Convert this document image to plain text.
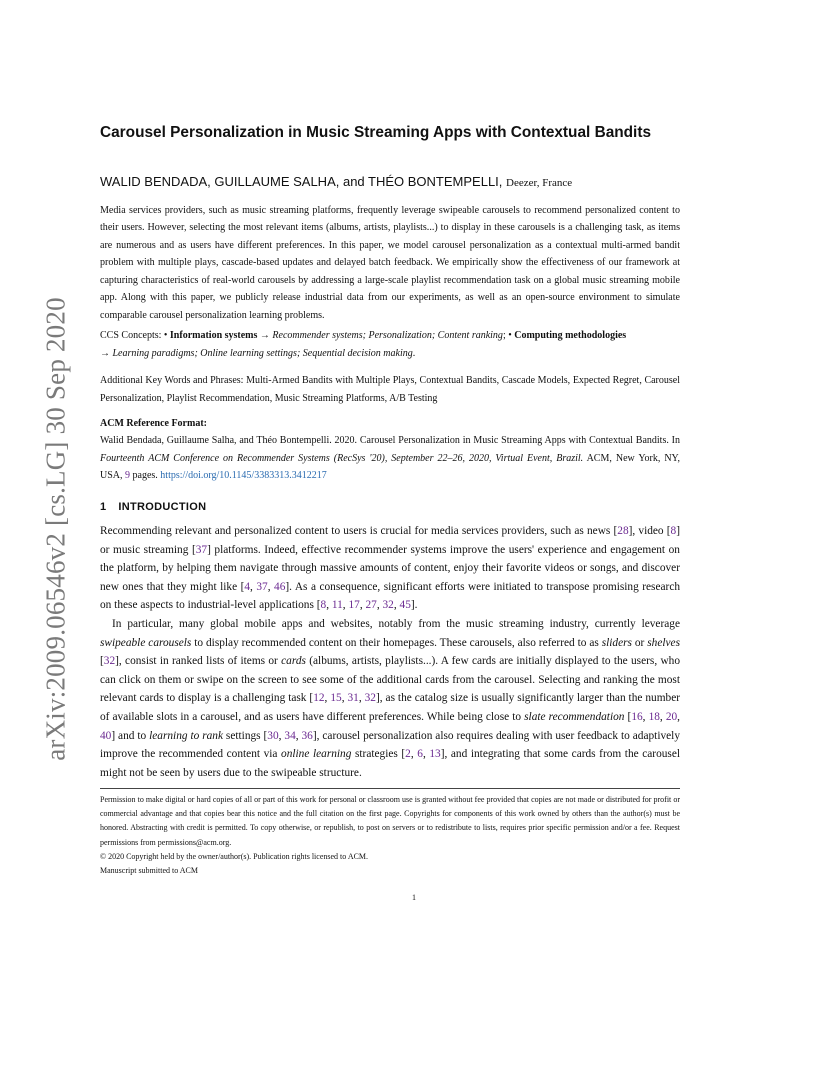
arXiv:2009.06546v2 [cs.LG] 30 Sep 2020
Carousel Personalization in Music Streaming Apps with Contextual Bandits
WALID BENDADA, GUILLAUME SALHA, and THÉO BONTEMPELLI, Deezer, France
Media services providers, such as music streaming platforms, frequently leverage swipeable carousels to recommend personalized content to their users. However, selecting the most relevant items (albums, artists, playlists...) to display in these carousels is a challenging task, as items are numerous and as users have different preferences. In this paper, we model carousel personalization as a contextual multi-armed bandit problem with multiple plays, cascade-based updates and delayed batch feedback. We empirically show the effectiveness of our framework at capturing characteristics of real-world carousels by addressing a large-scale playlist recommendation task on a global music streaming mobile app. Along with this paper, we publicly release industrial data from our experiments, as well as an open-source environment to simulate comparable carousel personalization learning problems.
CCS Concepts: • Information systems → Recommender systems; Personalization; Content ranking; • Computing methodologies
→ Learning paradigms; Online learning settings; Sequential decision making.
Additional Key Words and Phrases: Multi-Armed Bandits with Multiple Plays, Contextual Bandits, Cascade Models, Expected Regret, Carousel Personalization, Playlist Recommendation, Music Streaming Platforms, A/B Testing
ACM Reference Format:
Walid Bendada, Guillaume Salha, and Théo Bontempelli. 2020. Carousel Personalization in Music Streaming Apps with Contextual Bandits. In Fourteenth ACM Conference on Recommender Systems (RecSys '20), September 22–26, 2020, Virtual Event, Brazil. ACM, New York, NY, USA, 9 pages. https://doi.org/10.1145/3383313.3412217
1 INTRODUCTION

Recommending relevant and personalized content to users is crucial for media services providers, such as news [28], video [8] or music streaming [37] platforms. Indeed, effective recommender systems improve the users' experience and engagement on the platform, by helping them navigate through massive amounts of content, enjoy their favorite videos or songs, and discover new ones that they might like [4, 37, 46]. As a consequence, significant efforts were initiated to transpose promising research on these aspects to industrial-level applications [8, 11, 17, 27, 32, 45].

In particular, many global mobile apps and websites, notably from the music streaming industry, currently leverage swipeable carousels to display recommended content on their homepages. These carousels, also referred to as sliders or shelves [32], consist in ranked lists of items or cards (albums, artists, playlists...). A few cards are initially displayed to the users, who can click on them or swipe on the screen to see some of the additional cards from the carousel. Selecting and ranking the most relevant cards to display is a challenging task [12, 15, 31, 32], as the catalog size is usually significantly larger than the number of available slots in a carousel, and as users have different preferences. While being close to slate recommendation [16, 18, 20, 40] and to learning to rank settings [30, 34, 36], carousel personalization also requires dealing with user feedback to adaptively improve the recommended content via online learning strategies [2, 6, 13], and integrating that some cards from the carousel might not be seen by users due to the swipeable structure.

Permission to make digital or hard copies of all or part of this work for personal or classroom use is granted without fee provided that copies are not made or distributed for profit or commercial advantage and that copies bear this notice and the full citation on the first page. Copyrights for components of this work owned by others than the author(s) must be honored. Abstracting with credit is permitted. To copy otherwise, or republish, to post on servers or to redistribute to lists, requires prior specific permission and/or a fee. Request permissions from permissions@acm.org.

© 2020 Copyright held by the owner/author(s). Publication rights licensed to ACM.

Manuscript submitted to ACM

1
